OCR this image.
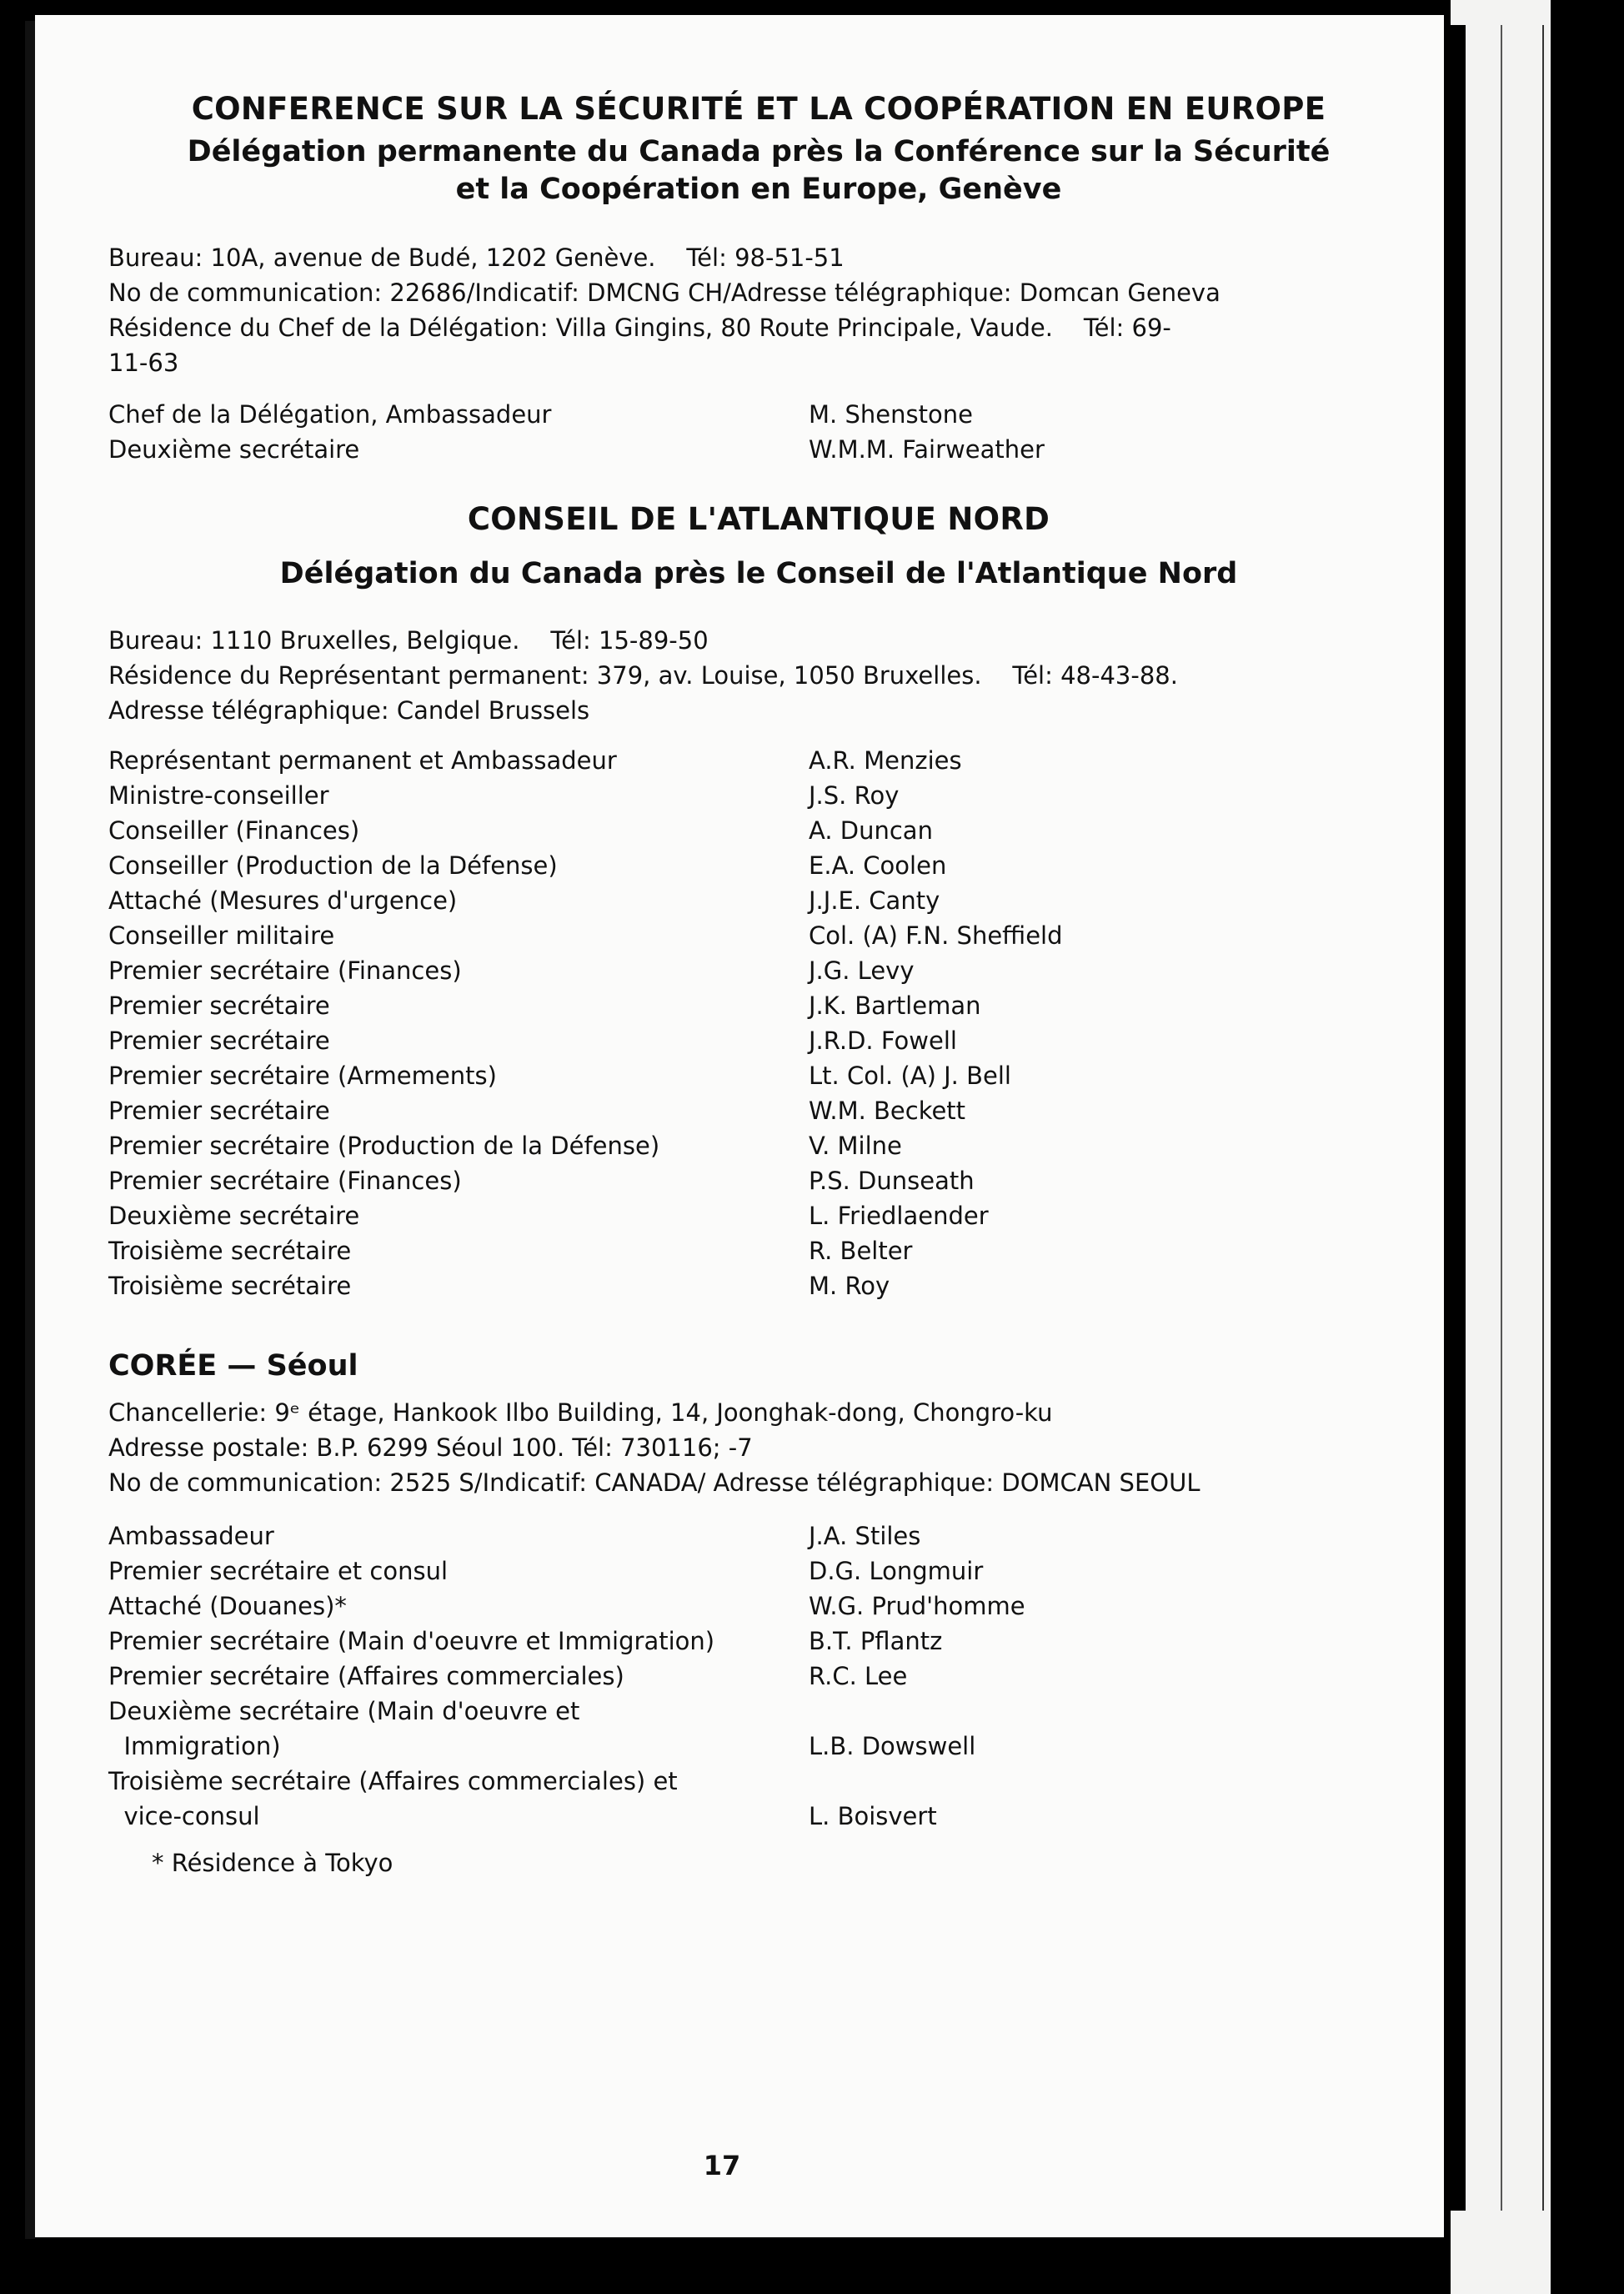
CONFERENCE SUR LA SÉCURITÉ ET LA COOPÉRATION EN EUROPE
Délégation permanente du Canada près la Conférence sur la Sécurité
et la Coopération en Europe, Genève
Bureau: 10A, avenue de Budé, 1202 Genève.    Tél: 98-51-51
No de communication: 22686/Indicatif: DMCNG CH/Adresse télégraphique: Domcan Geneva
Résidence du Chef de la Délégation: Villa Gingins, 80 Route Principale, Vaude.    Tél: 69-
11-63
Chef de la Délégation, Ambassadeur	M. Shenstone
Deuxième secrétaire	W.M.M. Fairweather
CONSEIL DE L'ATLANTIQUE NORD
Délégation du Canada près le Conseil de l'Atlantique Nord
Bureau: 1110 Bruxelles, Belgique.    Tél: 15-89-50
Résidence du Représentant permanent: 379, av. Louise, 1050 Bruxelles.    Tél: 48-43-88.
Adresse télégraphique: Candel Brussels
Représentant permanent et Ambassadeur	A.R. Menzies
Ministre-conseiller	J.S. Roy
Conseiller (Finances)	A. Duncan
Conseiller (Production de la Défense)	E.A. Coolen
Attaché (Mesures d'urgence)	J.J.E. Canty
Conseiller militaire	Col. (A) F.N. Sheffield
Premier secrétaire (Finances)	J.G. Levy
Premier secrétaire	J.K. Bartleman
Premier secrétaire	J.R.D. Fowell
Premier secrétaire (Armements)	Lt. Col. (A) J. Bell
Premier secrétaire	W.M. Beckett
Premier secrétaire (Production de la Défense)	V. Milne
Premier secrétaire (Finances)	P.S. Dunseath
Deuxième secrétaire	L. Friedlaender
Troisième secrétaire	R. Belter
Troisième secrétaire	M. Roy
CORÉE — Séoul
Chancellerie: 9ᵉ étage, Hankook Ilbo Building, 14, Joonghak-dong, Chongro-ku
Adresse postale: B.P. 6299 Séoul 100. Tél: 730116; -7
No de communication: 2525 S/Indicatif: CANADA/ Adresse télégraphique: DOMCAN SEOUL
Ambassadeur	J.A. Stiles
Premier secrétaire et consul	D.G. Longmuir
Attaché (Douanes)*	W.G. Prud'homme
Premier secrétaire (Main d'oeuvre et Immigration)	B.T. Pflantz
Premier secrétaire (Affaires commerciales)	R.C. Lee
Deuxième secrétaire (Main d'oeuvre et
Immigration)	L.B. Dowswell
Troisième secrétaire (Affaires commerciales) et
vice-consul	L. Boisvert
* Résidence à Tokyo
17
